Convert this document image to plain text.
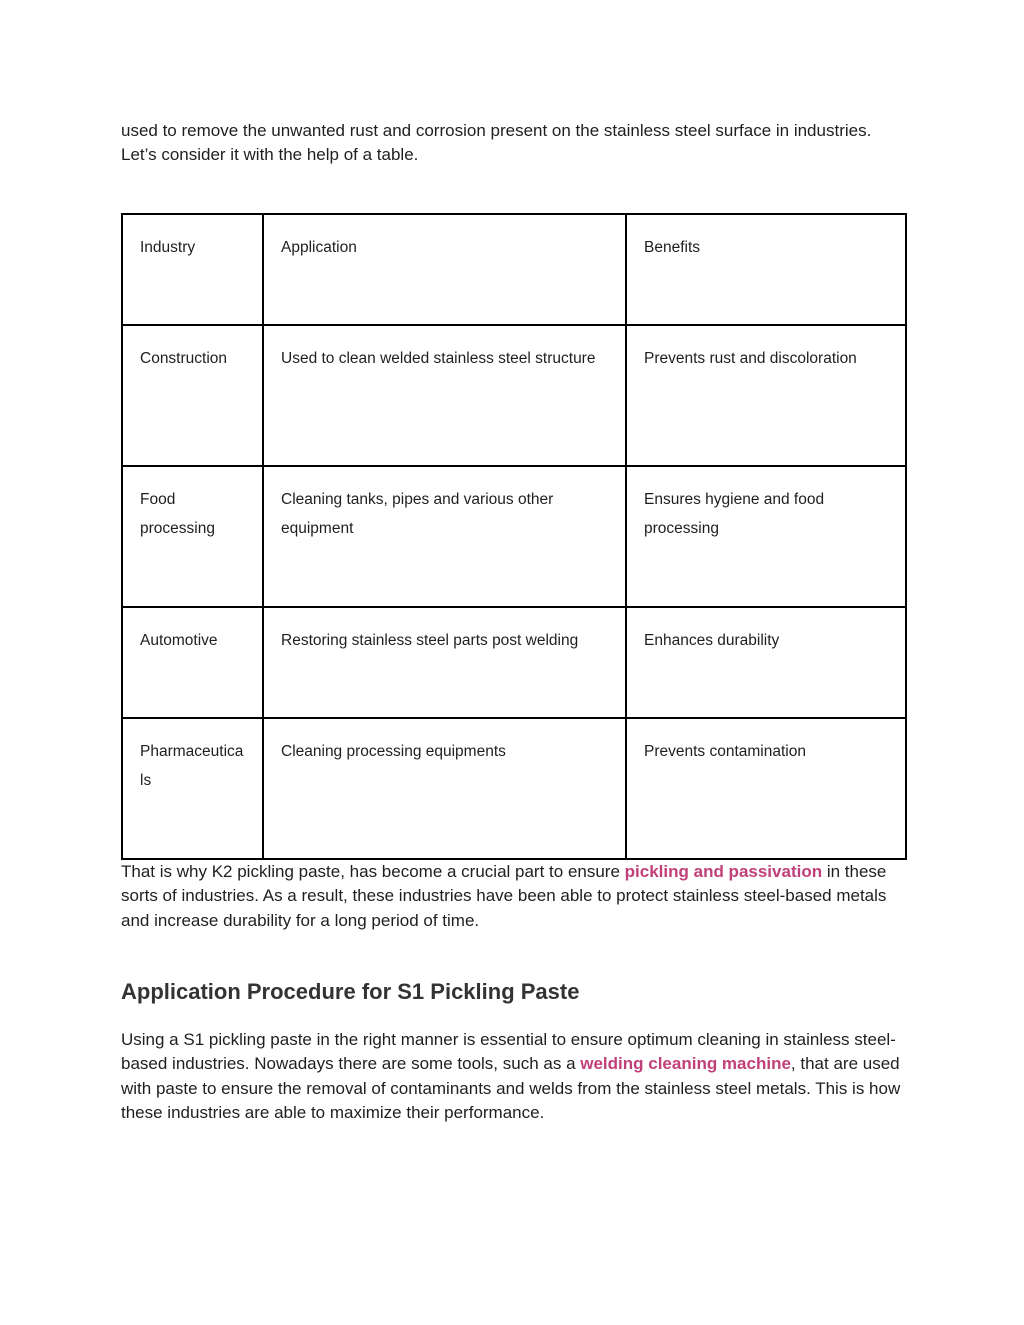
used to remove the unwanted rust and corrosion present on the stainless steel surface in industries. Let’s consider it with the help of a table.

Industry	Application	Benefits
Construction	Used to clean welded stainless steel structure	Prevents rust and discoloration
Food processing	Cleaning tanks, pipes and various other equipment	Ensures hygiene and food processing
Automotive	Restoring stainless steel parts post welding	Enhances durability
Pharmaceuticals	Cleaning processing equipments	Prevents contamination

That is why K2 pickling paste, has become a crucial part to ensure pickling and passivation in these sorts of industries. As a result, these industries have been able to protect stainless steel-based metals and increase durability for a long period of time.

Application Procedure for S1 Pickling Paste

Using a S1 pickling paste in the right manner is essential to ensure optimum cleaning in stainless steel-based industries. Nowadays there are some tools, such as a welding cleaning machine, that are used with paste to ensure the removal of contaminants and welds from the stainless steel metals. This is how these industries are able to maximize their performance.
